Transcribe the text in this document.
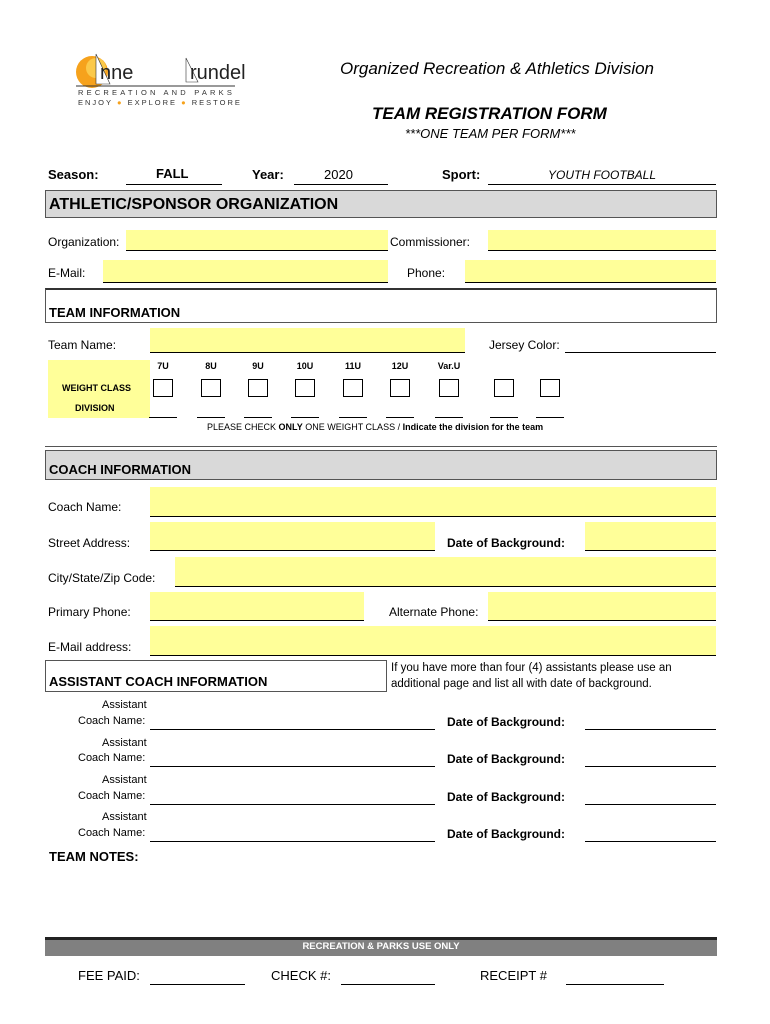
nne	rundel
RECREATION AND PARKS
ENJOY ● EXPLORE ● RESTORE
Organized Recreation & Athletics Division
TEAM REGISTRATION FORM
***ONE TEAM PER FORM***
Season:	FALL	Year:	2020	Sport:	YOUTH FOOTBALL
ATHLETIC/SPONSOR ORGANIZATION
Organization:	Commissioner:
E-Mail:	Phone:
TEAM INFORMATION
Team Name:	Jersey Color:
WEIGHT CLASS
DIVISION
7U	8U	9U	10U	11U	12U	Var.U
PLEASE CHECK ONLY ONE WEIGHT CLASS / Indicate the division for the team
COACH INFORMATION
Coach Name:
Street Address:	Date of Background:
City/State/Zip Code:
Primary Phone:	Alternate Phone:
E-Mail address:
ASSISTANT COACH INFORMATION
If you have more than four (4) assistants please use an additional page and list all with date of background.
Assistant
Coach Name:	Date of Background:
Assistant
Coach Name:	Date of Background:
Assistant
Coach Name:	Date of Background:
Assistant
Coach Name:	Date of Background:
TEAM NOTES:
RECREATION & PARKS USE ONLY
FEE PAID:	CHECK #:	RECEIPT #
